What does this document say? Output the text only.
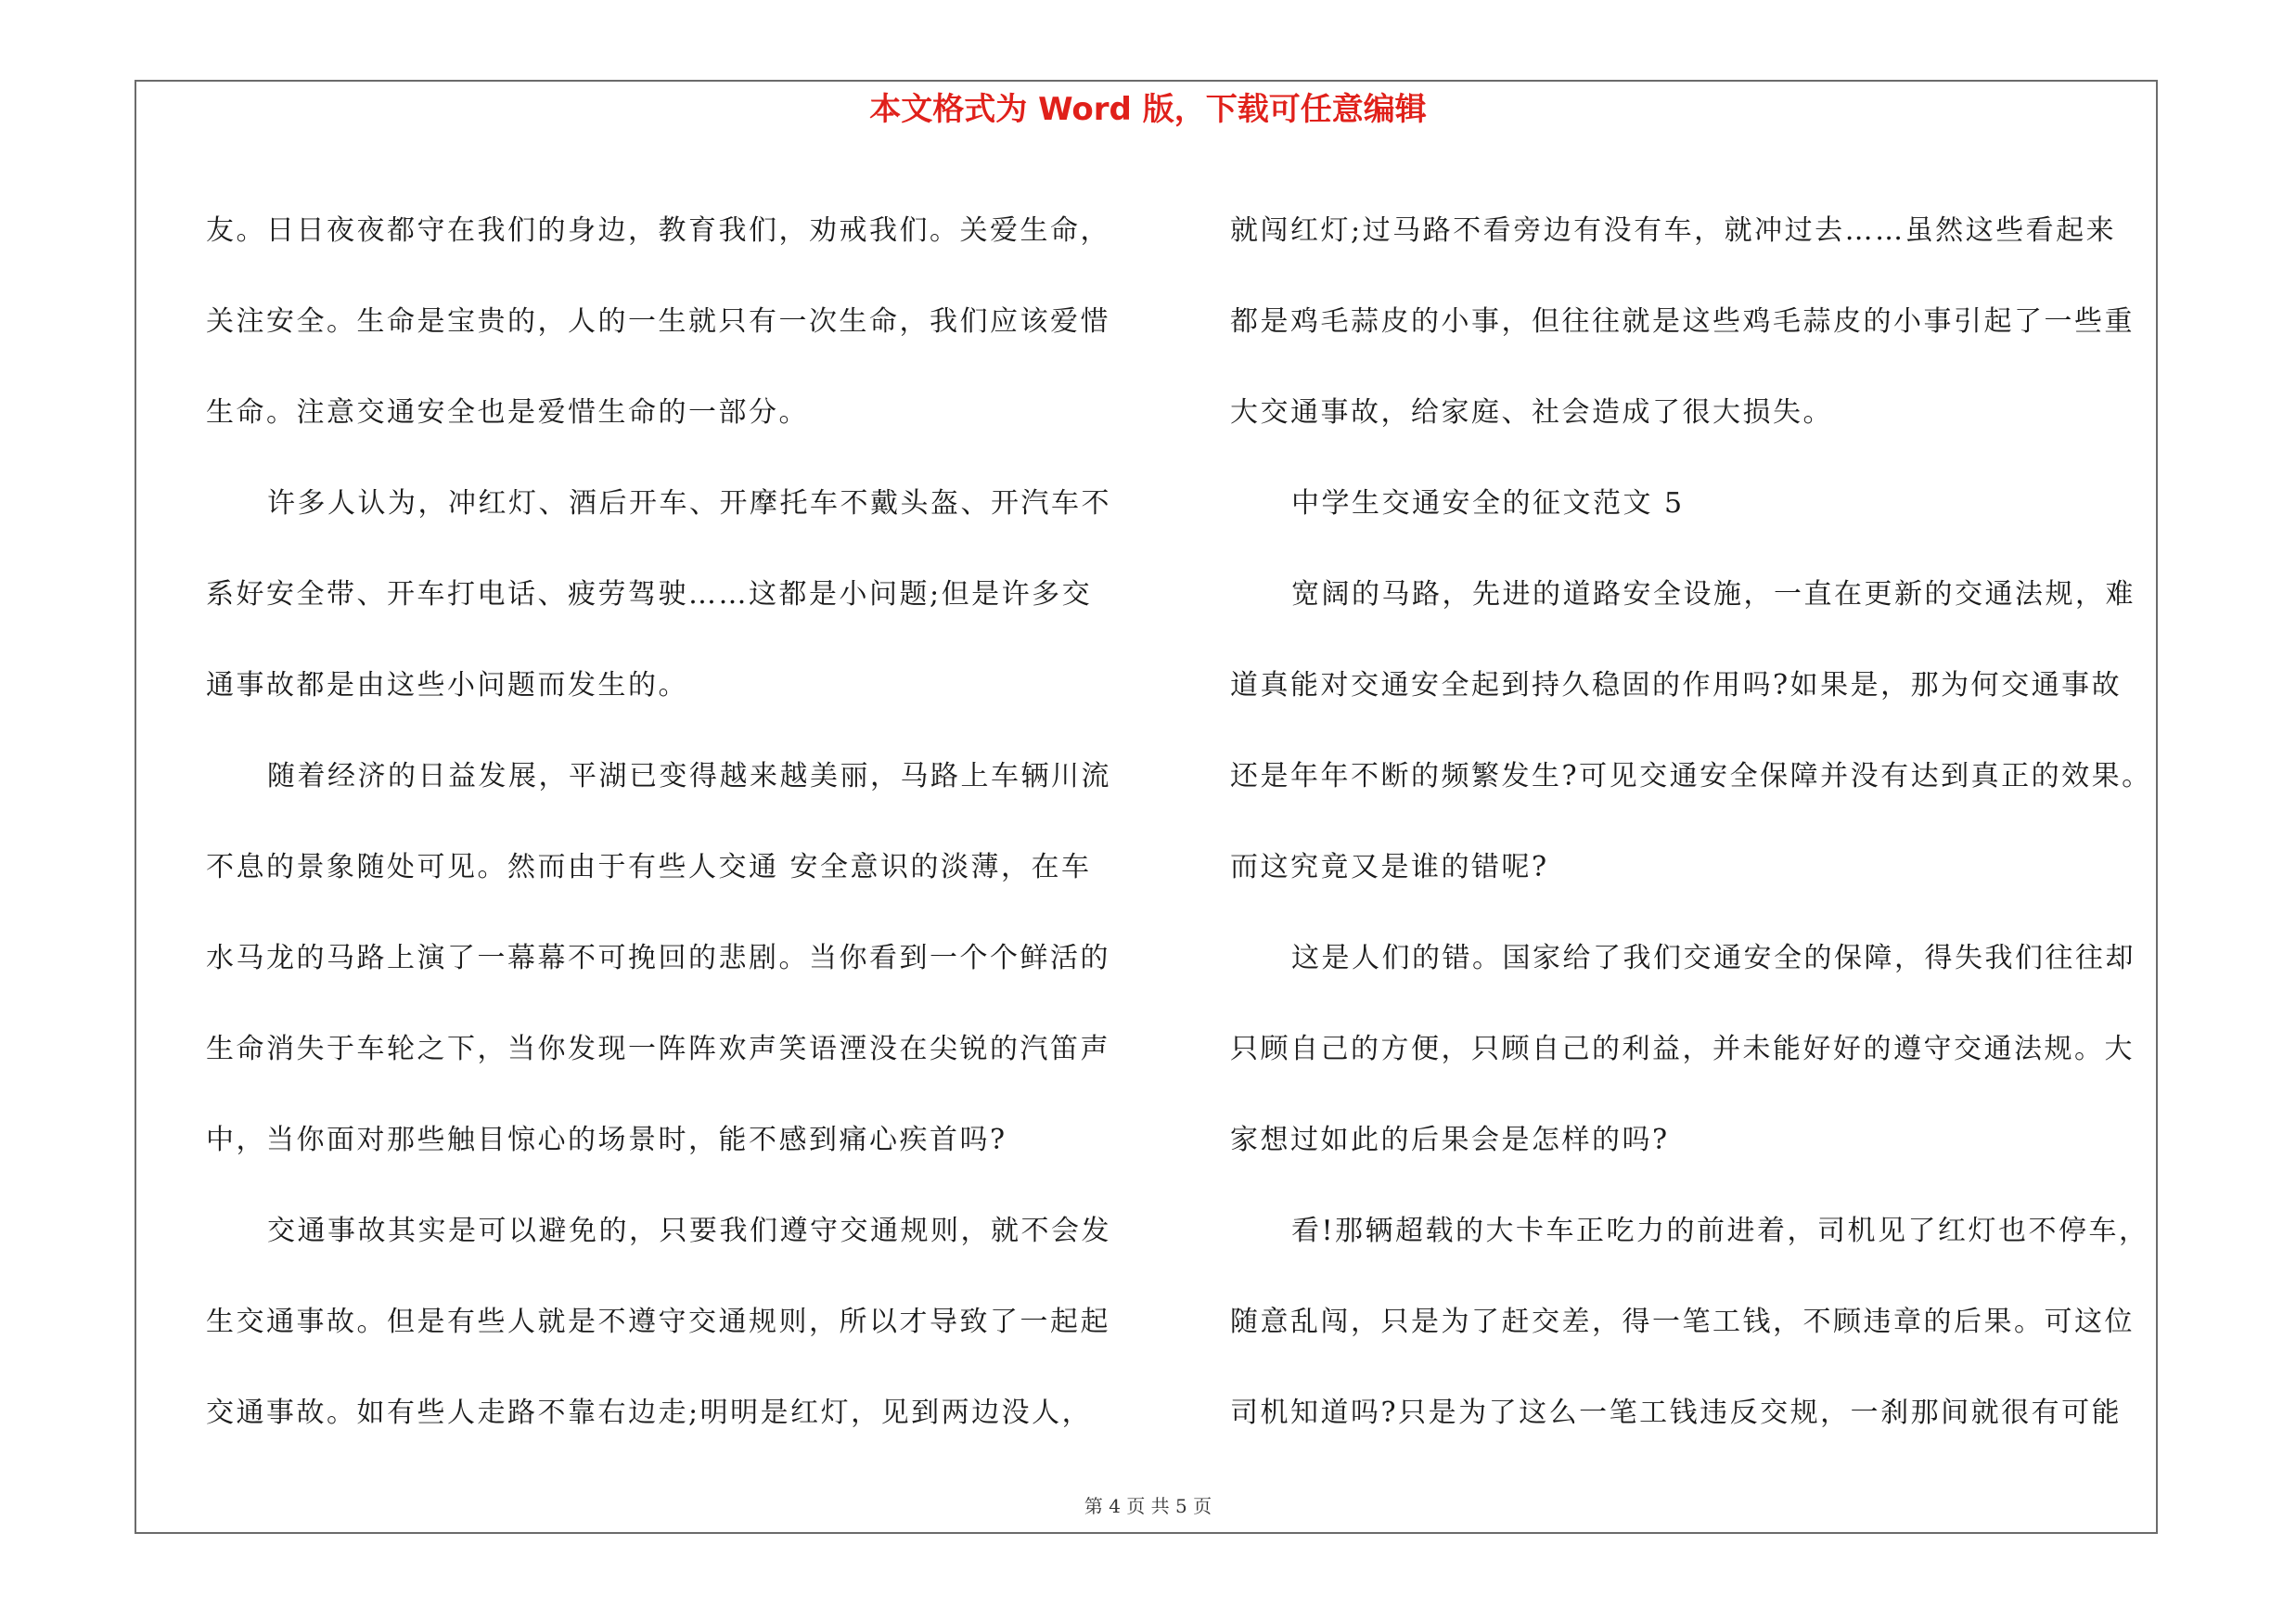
本文格式为 Word 版，下载可任意编辑
友。日日夜夜都守在我们的身边，教育我们，劝戒我们。关爱生命，
关注安全。生命是宝贵的，人的一生就只有一次生命，我们应该爱惜
生命。注意交通安全也是爱惜生命的一部分。
许多人认为，冲红灯、酒后开车、开摩托车不戴头盔、开汽车不
系好安全带、开车打电话、疲劳驾驶……这都是小问题;但是许多交
通事故都是由这些小问题而发生的。
随着经济的日益发展，平湖已变得越来越美丽，马路上车辆川流
不息的景象随处可见。然而由于有些人交通 安全意识的淡薄，在车
水马龙的马路上演了一幕幕不可挽回的悲剧。当你看到一个个鲜活的
生命消失于车轮之下，当你发现一阵阵欢声笑语湮没在尖锐的汽笛声
中，当你面对那些触目惊心的场景时，能不感到痛心疾首吗?
交通事故其实是可以避免的，只要我们遵守交通规则，就不会发
生交通事故。但是有些人就是不遵守交通规则，所以才导致了一起起
交通事故。如有些人走路不靠右边走;明明是红灯，见到两边没人，
就闯红灯;过马路不看旁边有没有车，就冲过去……虽然这些看起来
都是鸡毛蒜皮的小事，但往往就是这些鸡毛蒜皮的小事引起了一些重
大交通事故，给家庭、社会造成了很大损失。
中学生交通安全的征文范文 5
宽阔的马路，先进的道路安全设施，一直在更新的交通法规，难
道真能对交通安全起到持久稳固的作用吗?如果是，那为何交通事故
还是年年不断的频繁发生?可见交通安全保障并没有达到真正的效果。
而这究竟又是谁的错呢?
这是人们的错。国家给了我们交通安全的保障，得失我们往往却
只顾自己的方便，只顾自己的利益，并未能好好的遵守交通法规。大
家想过如此的后果会是怎样的吗?
看!那辆超载的大卡车正吃力的前进着，司机见了红灯也不停车，
随意乱闯，只是为了赶交差，得一笔工钱，不顾违章的后果。可这位
司机知道吗?只是为了这么一笔工钱违反交规，一刹那间就很有可能
第 4 页 共 5 页
